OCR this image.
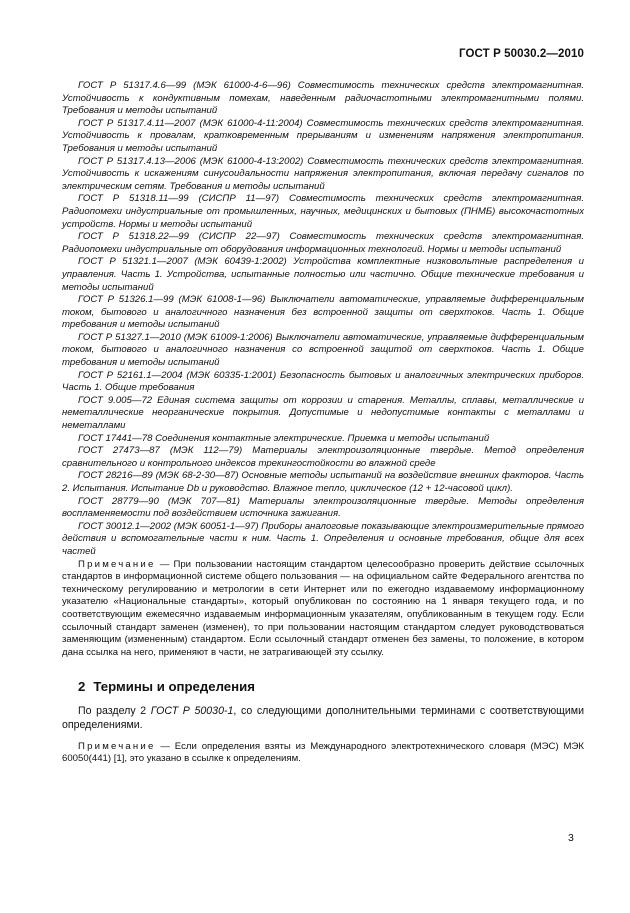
ГОСТ Р 50030.2—2010

ГОСТ Р 51317.4.6—99 (МЭК 61000-4-6—96) Совместимость технических средств электромагнитная. Устойчивость к кондуктивным помехам, наведенным радиочастотными электромагнитными полями. Требования и методы испытаний

ГОСТ Р 51317.4.11—2007 (МЭК 61000-4-11:2004) Совместимость технических средств электромагнитная. Устойчивость к провалам, кратковременным прерываниям и изменениям напряжения электропитания. Требования и методы испытаний

ГОСТ Р 51317.4.13—2006 (МЭК 61000-4-13:2002) Совместимость технических средств электромагнитная. Устойчивость к искажениям синусоидальности напряжения электропитания, включая передачу сигналов по электрическим сетям. Требования и методы испытаний

ГОСТ Р 51318.11—99 (СИСПР 11—97) Совместимость технических средств электромагнитная. Радиопомехи индустриальные от промышленных, научных, медицинских и бытовых (ПНМБ) высокочастотных устройств. Нормы и методы испытаний

ГОСТ Р 51318.22—99 (СИСПР 22—97) Совместимость технических средств электромагнитная. Радиопомехи индустриальные от оборудования информационных технологий. Нормы и методы испытаний

ГОСТ Р 51321.1—2007 (МЭК 60439-1:2002) Устройства комплектные низковольтные распределения и управления. Часть 1. Устройства, испытанные полностью или частично. Общие технические требования и методы испытаний

ГОСТ Р 51326.1—99 (МЭК 61008-1—96) Выключатели автоматические, управляемые дифференциальным током, бытового и аналогичного назначения без встроенной защиты от сверхтоков. Часть 1. Общие требования и методы испытаний

ГОСТ Р 51327.1—2010 (МЭК 61009-1:2006) Выключатели автоматические, управляемые дифференциальным током, бытового и аналогичного назначения со встроенной защитой от сверхтоков. Часть 1. Общие требования и методы испытаний

ГОСТ Р 52161.1—2004 (МЭК 60335-1:2001) Безопасность бытовых и аналогичных электрических приборов. Часть 1. Общие требования

ГОСТ 9.005—72 Единая система защиты от коррозии и старения. Металлы, сплавы, металлические и неметаллические неорганические покрытия. Допустимые и недопустимые контакты с металлами и неметаллами

ГОСТ 17441—78 Соединения контактные электрические. Приемка и методы испытаний

ГОСТ 27473—87 (МЭК 112—79) Материалы электроизоляционные твердые. Метод определения сравнительного и контрольного индексов трекингостойкости во влажной среде

ГОСТ 28216—89 (МЭК 68-2-30—87) Основные методы испытаний на воздействие внешних факторов. Часть 2. Испытания. Испытание Db и руководство. Влажное тепло, циклическое (12 + 12-часовой цикл).

ГОСТ 28779—90 (МЭК 707—81) Материалы электроизоляционные твердые. Методы определения воспламеняемости под воздействием источника зажигания.

ГОСТ 30012.1—2002 (МЭК 60051-1—97) Приборы аналоговые показывающие электроизмерительные прямого действия и вспомогательные части к ним. Часть 1. Определения и основные требования, общие для всех частей

Примечание — При пользовании настоящим стандартом целесообразно проверить действие ссылочных стандартов в информационной системе общего пользования — на официальном сайте Федерального агентства по техническому регулированию и метрологии в сети Интернет или по ежегодно издаваемому информационному указателю «Национальные стандарты», который опубликован по состоянию на 1 января текущего года, и по соответствующим ежемесячно издаваемым информационным указателям, опубликованным в текущем году. Если ссылочный стандарт заменен (изменен), то при пользовании настоящим стандартом следует руководствоваться заменяющим (измененным) стандартом. Если ссылочный стандарт отменен без замены, то положение, в котором дана ссылка на него, применяют в части, не затрагивающей эту ссылку.

2 Термины и определения

По разделу 2 ГОСТ Р 50030-1, со следующими дополнительными терминами с соответствующими определениями.

Примечание — Если определения взяты из Международного электротехнического словаря (МЭС) МЭК 60050(441) [1], это указано в ссылке к определениям.

3
